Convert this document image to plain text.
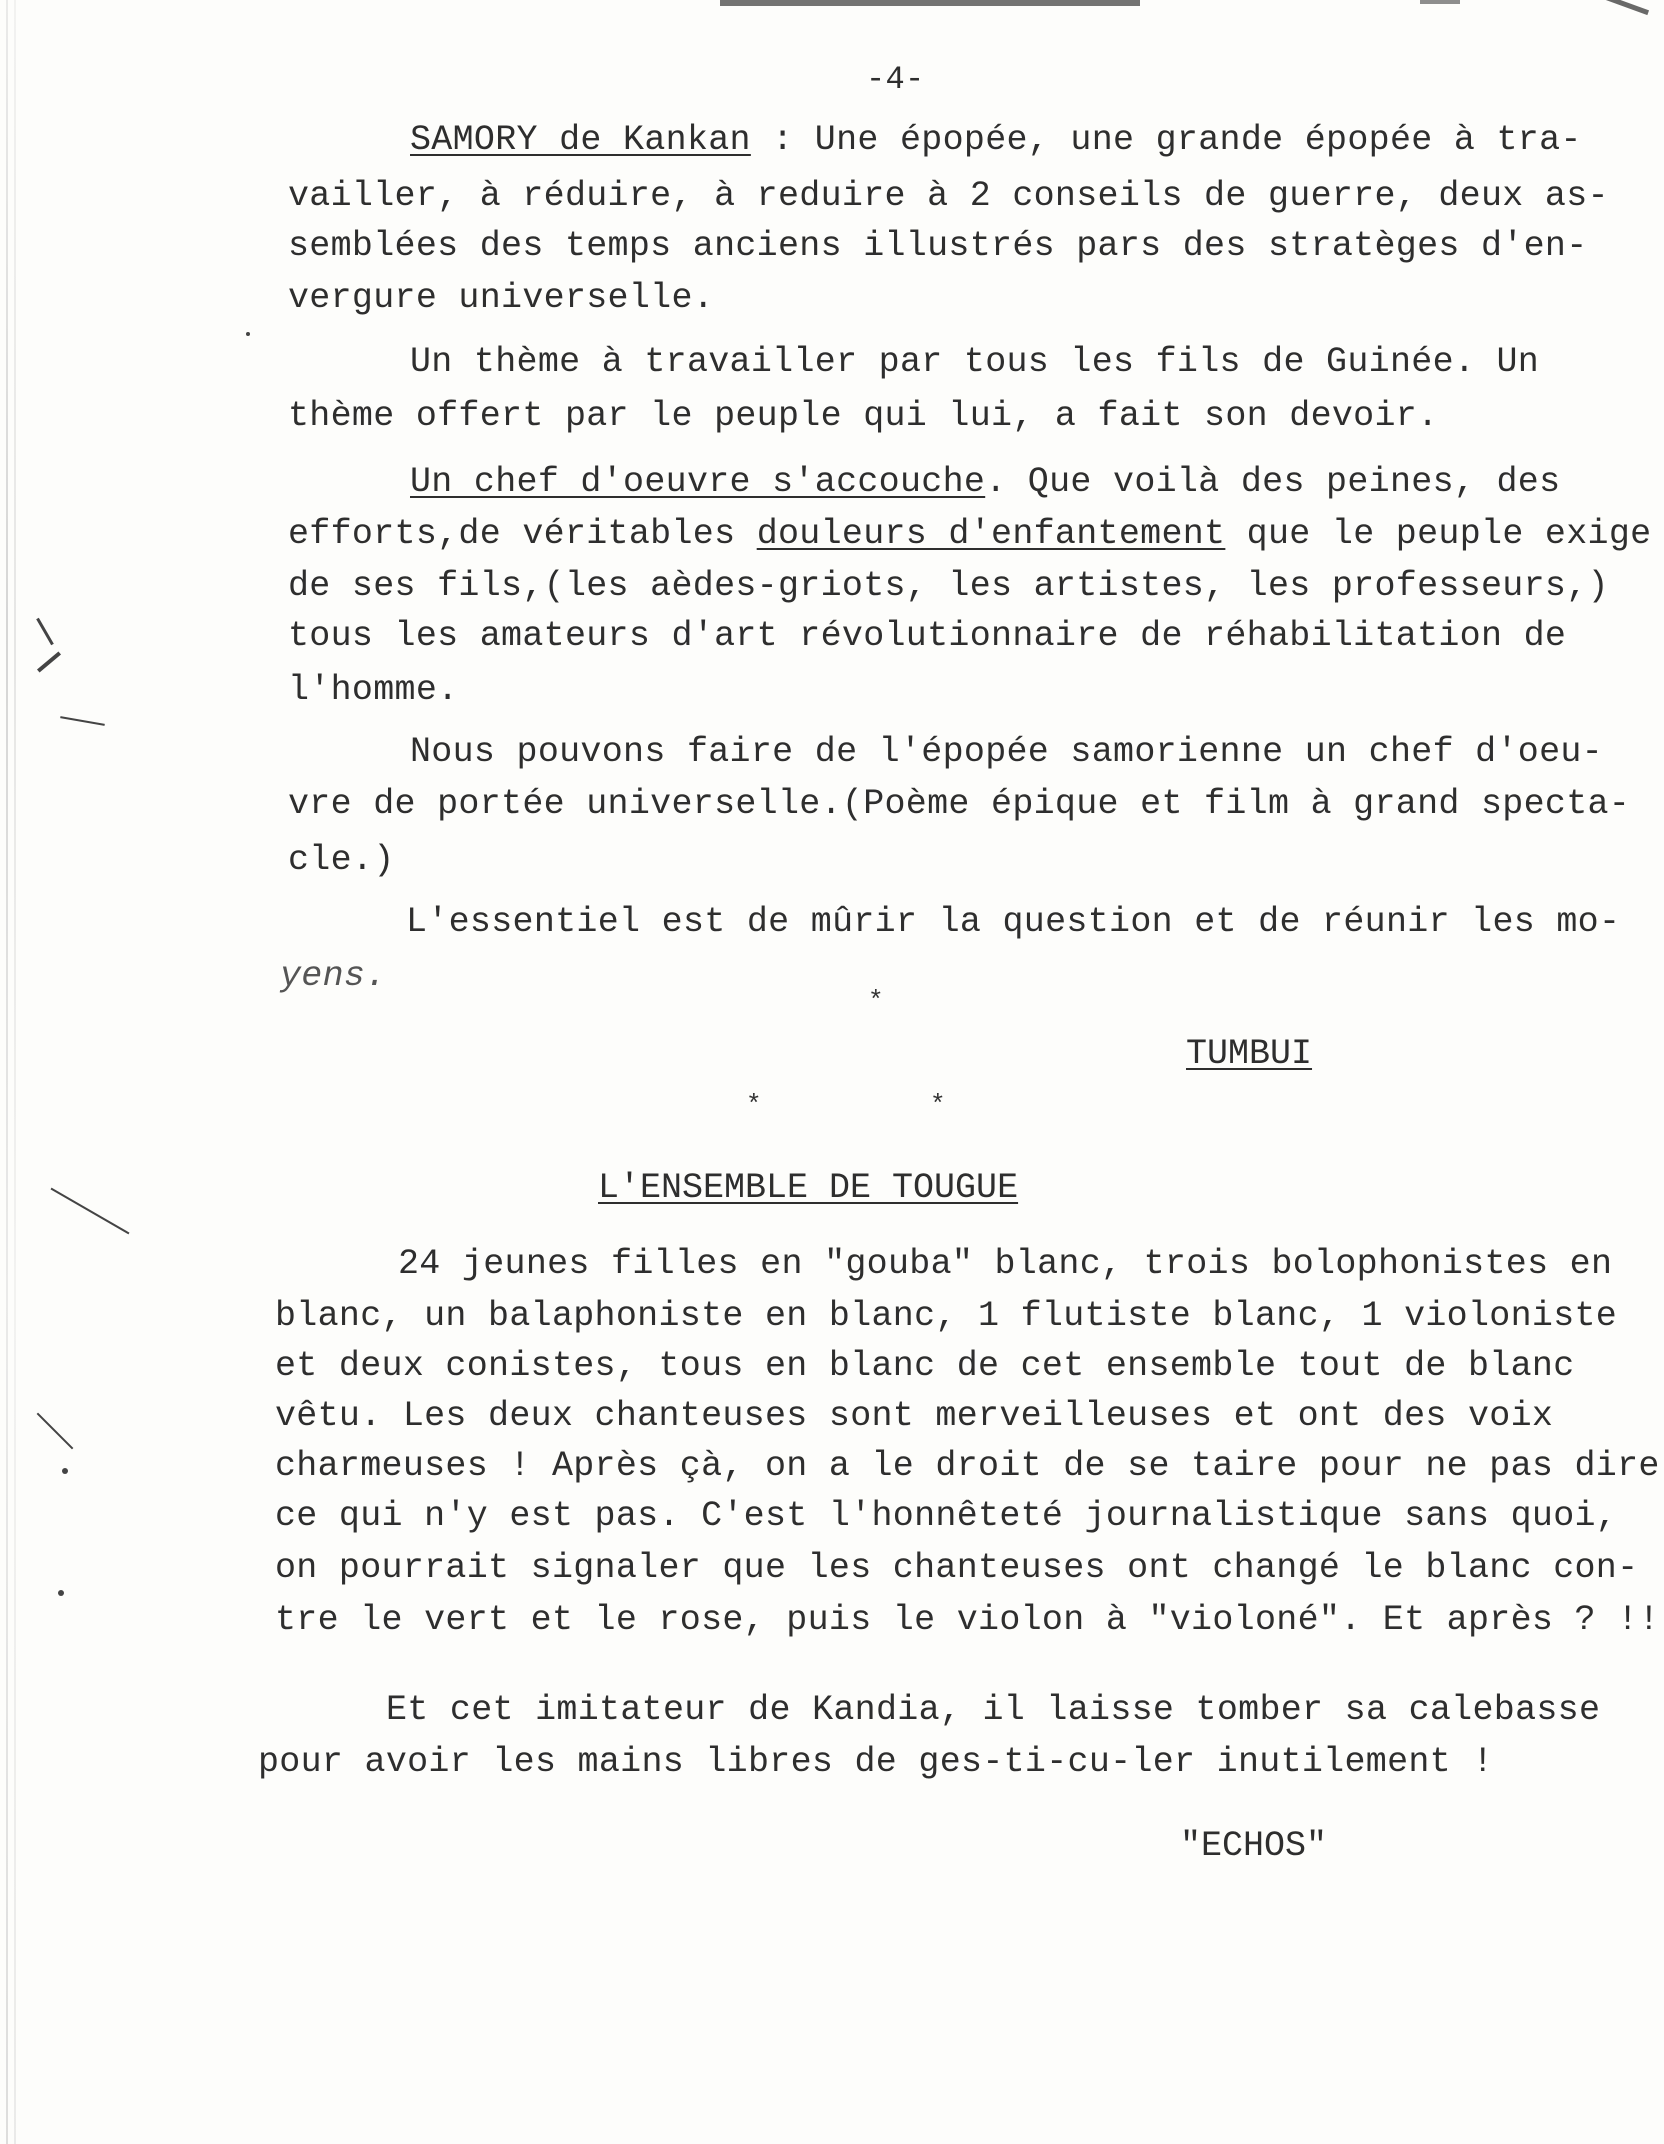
-4-
SAMORY de Kankan : Une épopée, une grande épopée à tra-
vailler, à réduire, à reduire à 2 conseils de guerre, deux as-
semblées des temps anciens illustrés pars des stratèges d'en-
vergure universelle.
Un thème à travailler par tous les fils de Guinée. Un
thème offert par le peuple qui lui, a fait son devoir.
Un chef d'oeuvre s'accouche. Que voilà des peines, des
efforts,de véritables douleurs d'enfantement que le peuple exige
de ses fils,(les aèdes-griots, les artistes, les professeurs,)
tous les amateurs d'art révolutionnaire de réhabilitation de
l'homme.
Nous pouvons faire de l'épopée samorienne un chef d'oeu-
vre de portée universelle.(Poème épique et film à grand specta-
cle.)
L'essentiel est de mûrir la question et de réunir les mo-
yens.
*
TUMBUI
*	*
L'ENSEMBLE DE TOUGUE
24 jeunes filles en "gouba" blanc, trois bolophonistes en
blanc, un balaphoniste en blanc, 1 flutiste blanc, 1 violoniste
et deux conistes, tous en blanc de cet ensemble tout de blanc
vêtu. Les deux chanteuses sont merveilleuses et ont des voix
charmeuses ! Après çà, on a le droit de se taire pour ne pas dire
ce qui n'y est pas. C'est l'honnêteté journalistique sans quoi,
on pourrait signaler que les chanteuses ont changé le blanc con-
tre le vert et le rose, puis le violon à "violoné". Et après ? !!
Et cet imitateur de Kandia, il laisse tomber sa calebasse
pour avoir les mains libres de ges-ti-cu-ler inutilement !
"ECHOS"
